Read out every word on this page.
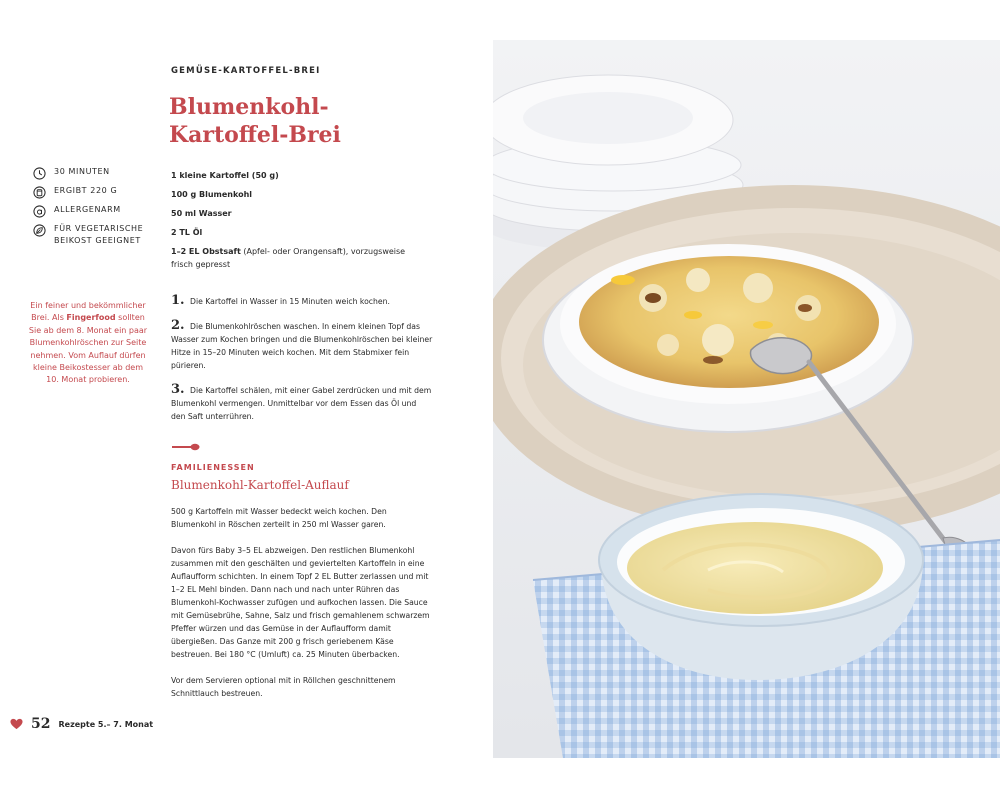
GEMÜSE-KARTOFFEL-BREI
Blumenkohl-
Kartoffel-Brei
30 MINUTEN
ERGIBT 220 G
ALLERGENARM
FÜR VEGETARISCHE BEIKOST GEEIGNET
1 kleine Kartoffel (50 g)
100 g Blumenkohl
50 ml Wasser
2 TL Öl
1–2 EL Obstsaft (Apfel- oder Orangensaft), vorzugsweise frisch gepresst
Ein feiner und bekömmlicher Brei. Als Fingerfood sollten Sie ab dem 8. Monat ein paar Blumenkohlröschen zur Seite nehmen. Vom Auflauf dürfen kleine Beikostesser ab dem 10. Monat probieren.

1. Die Kartoffel in Wasser in 15 Minuten weich kochen.

2. Die Blumenkohlröschen waschen. In einem kleinen Topf das Wasser zum Kochen bringen und die Blumenkohlröschen bei kleiner Hitze in 15–20 Minuten weich kochen. Mit dem Stabmixer fein pürieren.

3. Die Kartoffel schälen, mit einer Gabel zerdrücken und mit dem Blumenkohl vermengen. Unmittelbar vor dem Essen das Öl und den Saft unterrühren.

FAMILIENESSEN
Blumenkohl-Kartoffel-Auflauf

500 g Kartoffeln mit Wasser bedeckt weich kochen. Den Blumenkohl in Röschen zerteilt in 250 ml Wasser garen.

Davon fürs Baby 3–5 EL abzweigen. Den restlichen Blumenkohl zusammen mit den geschälten und geviertelten Kartoffeln in eine Auflaufform schichten. In einem Topf 2 EL Butter zerlassen und mit 1–2 EL Mehl binden. Dann nach und nach unter Rühren das Blumenkohl-Kochwasser zufügen und aufkochen lassen. Die Sauce mit Gemüsebrühe, Sahne, Salz und frisch gemahlenem schwarzem Pfeffer würzen und das Gemüse in der Auflaufform damit übergießen. Das Ganze mit 200 g frisch geriebenem Käse bestreuen. Bei 180 °C (Umluft) ca. 25 Minuten überbacken.

Vor dem Servieren optional mit in Röllchen geschnittenem Schnittlauch bestreuen.

52 Rezepte 5.– 7. Monat
